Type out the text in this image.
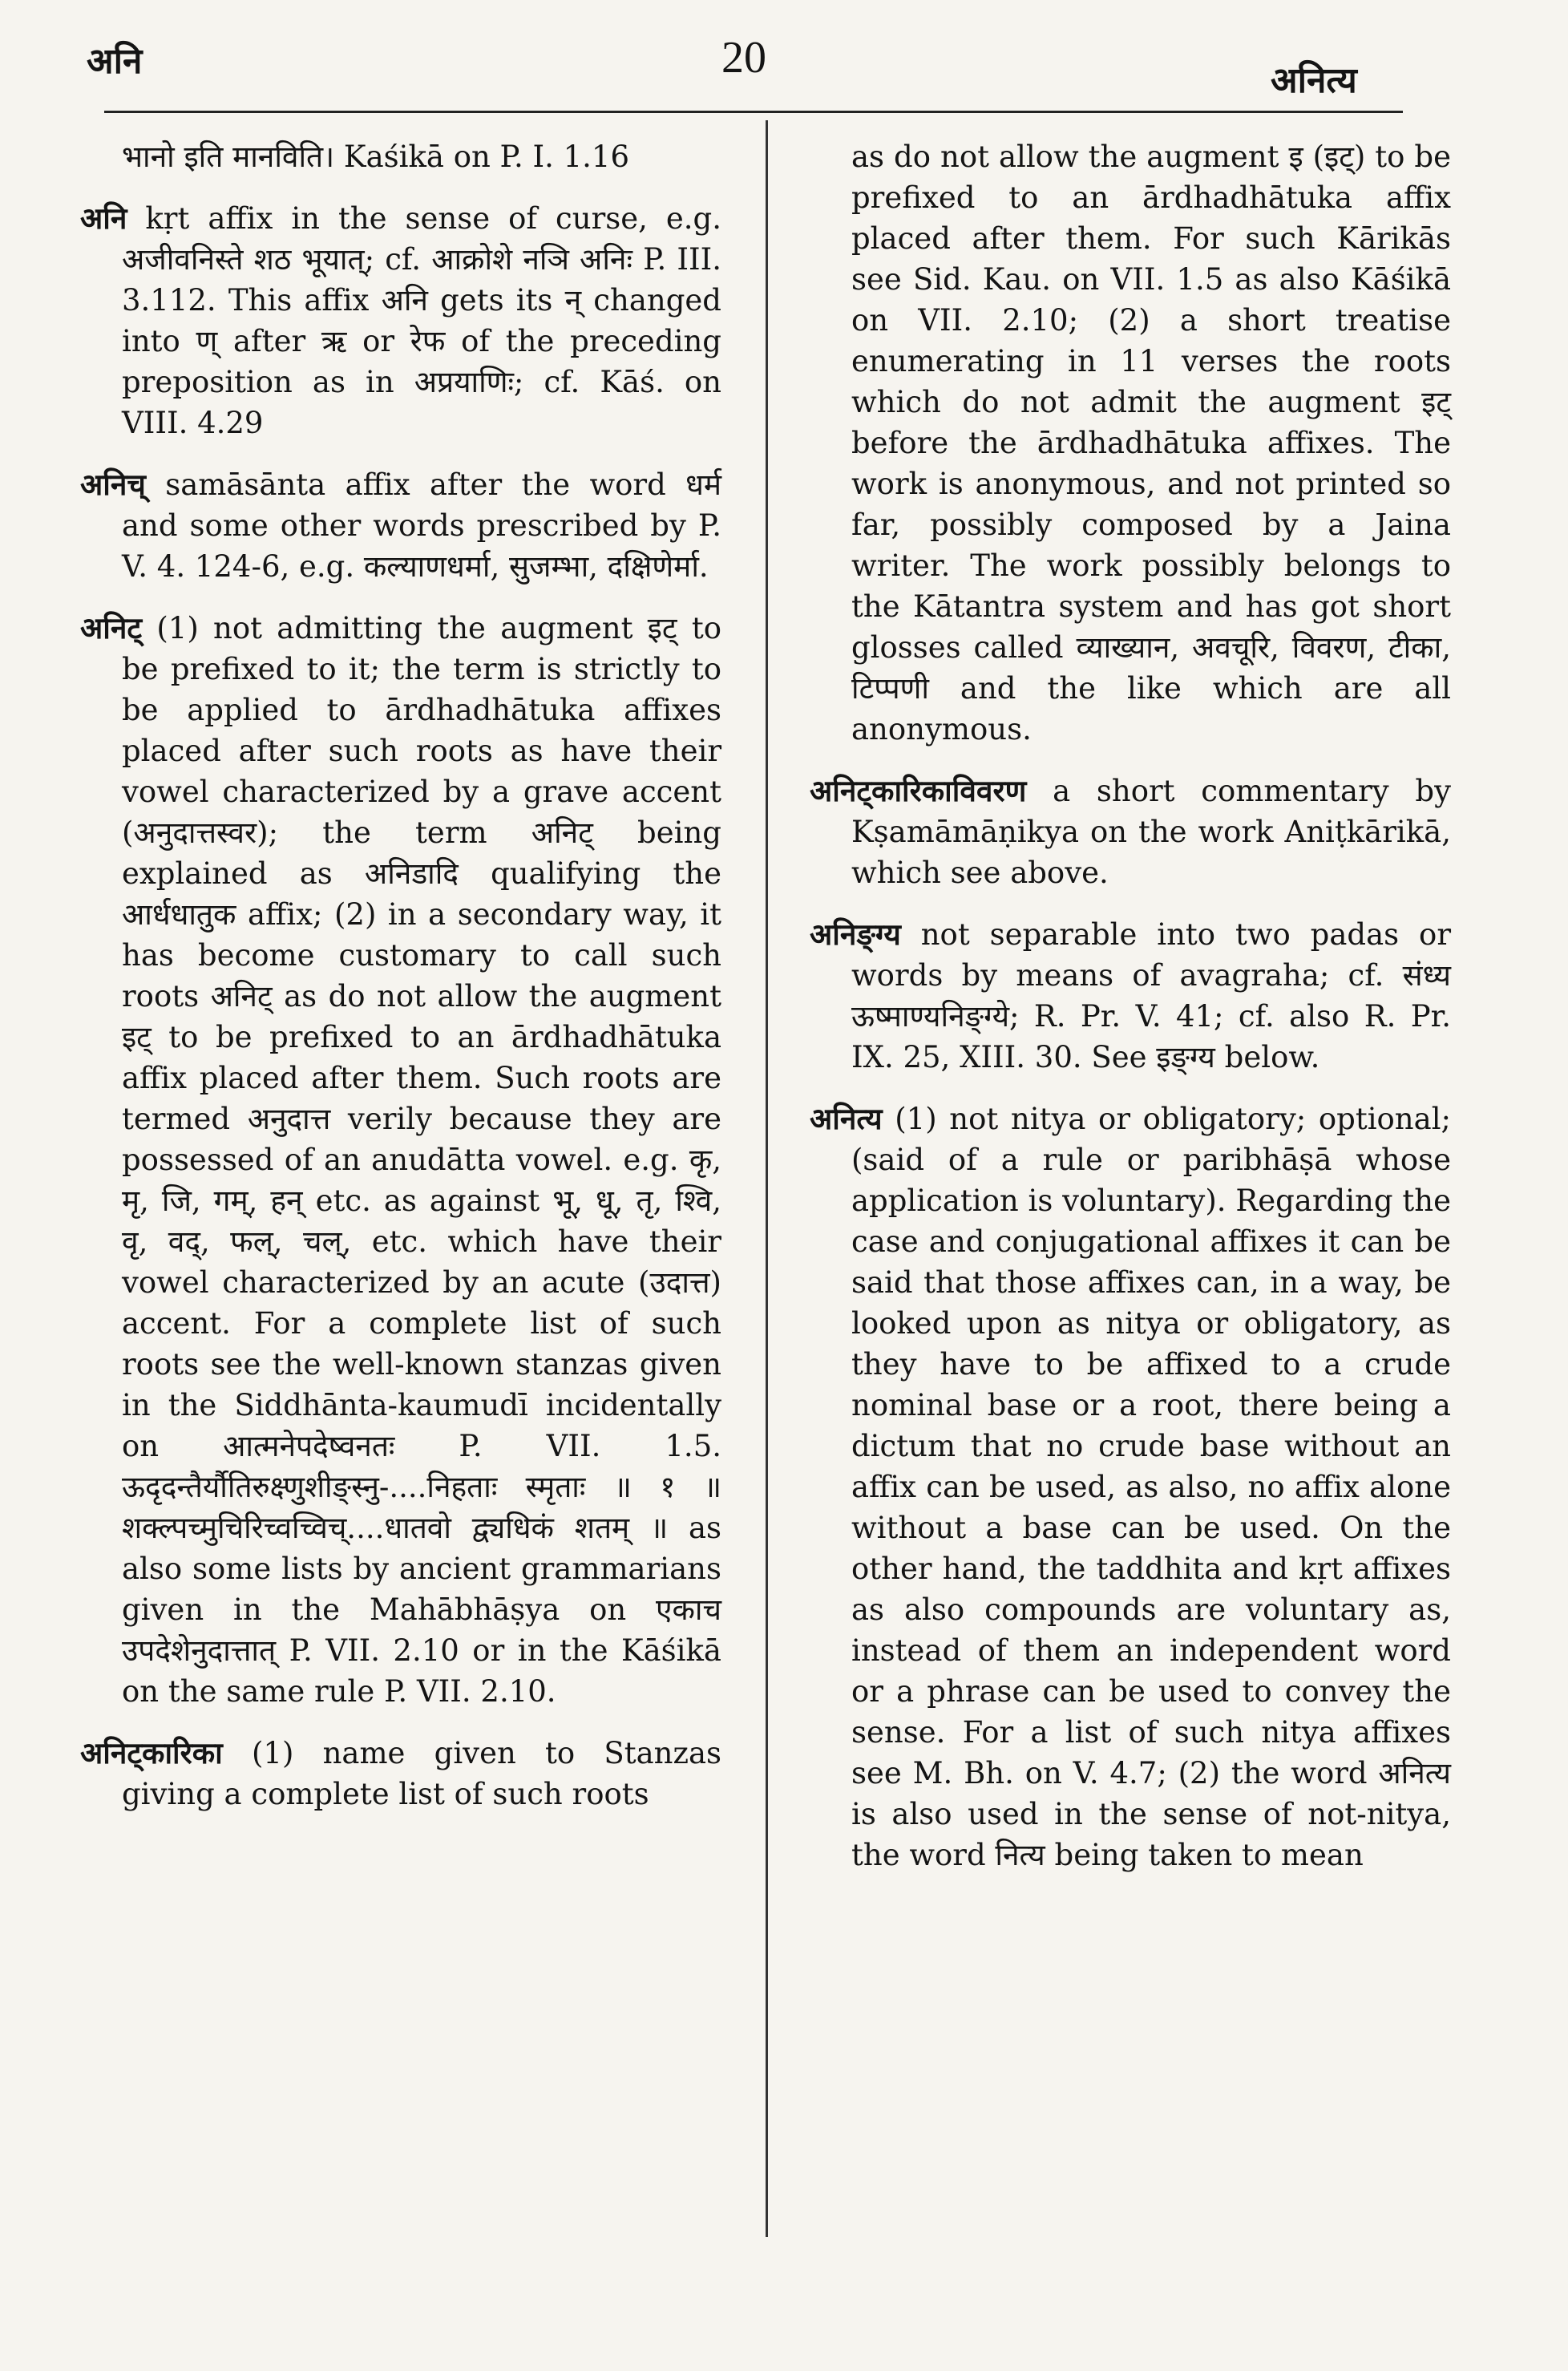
अनि	20	अनित्य

भानो इति मानविति। Kaśikā on P. I. 1.16

अनि kṛt affix in the sense of curse, e.g. अजीवनिस्ते शठ भूयात्; cf. आक्रोशे नञि अनिः P. III. 3.112. This affix अनि gets its न् changed into ण् after ऋ or रेफ of the preceding preposition as in अप्रयाणिः; cf. Kāś. on VIII. 4.29

अनिच् samāsānta affix after the word धर्म and some other words prescribed by P. V. 4. 124-6, e.g. कल्याणधर्मा, सुजम्भा, दक्षिणेर्मा.

अनिट् (1) not admitting the augment इट् to be prefixed to it; the term is strictly to be applied to ārdhadhātuka affixes placed after such roots as have their vowel characterized by a grave accent (अनुदात्तस्वर); the term अनिट् being explained as अनिडादि qualifying the आर्धधातुक affix; (2) in a secondary way, it has become customary to call such roots अनिट् as do not allow the augment इट् to be prefixed to an ārdhadhātuka affix placed after them. Such roots are termed अनुदात्त verily because they are possessed of an anudātta vowel. e.g. कृ, मृ, जि, गम्, हन् etc. as against भू, धू, तृ, श्वि, वृ, वद्, फल्, चल्, etc. which have their vowel characterized by an acute (उदात्त) accent. For a complete list of such roots see the well-known stanzas given in the Siddhānta-kaumudī incidentally on आत्मनेपदेष्वनतः P. VII. 1.5. ऊदृदन्तैर्यौतिरुक्ष्णुशीङ्स्नु-....निहताः स्मृताः ॥ १ ॥ शक्ल्पच्मुचिरिच्वच्विच्....धातवो द्व्यधिकं शतम् ॥ as also some lists by ancient grammarians given in the Mahābhāṣya on एकाच उपदेशेनुदात्तात् P. VII. 2.10 or in the Kāśikā on the same rule P. VII. 2.10.

अनिट्कारिका (1) name given to Stanzas giving a complete list of such roots

as do not allow the augment इ (इट्) to be prefixed to an ārdhadhātuka affix placed after them. For such Kārikās see Sid. Kau. on VII. 1.5 as also Kāśikā on VII. 2.10; (2) a short treatise enumerating in 11 verses the roots which do not admit the augment इट् before the ārdhadhātuka affixes. The work is anonymous, and not printed so far, possibly composed by a Jaina writer. The work possibly belongs to the Kātantra system and has got short glosses called व्याख्यान, अवचूरि, विवरण, टीका, टिप्पणी and the like which are all anonymous.

अनिट्कारिकाविवरण a short commentary by Kṣamāmāṇikya on the work Aniṭkārikā, which see above.

अनिङ्ग्य not separable into two padas or words by means of avagraha; cf. संध्य ऊष्माण्यनिङ्ग्ये; R. Pr. V. 41; cf. also R. Pr. IX. 25, XIII. 30. See इङ्ग्य below.

अनित्य (1) not nitya or obligatory; optional; (said of a rule or paribhāṣā whose application is voluntary). Regarding the case and conjugational affixes it can be said that those affixes can, in a way, be looked upon as nitya or obligatory, as they have to be affixed to a crude nominal base or a root, there being a dictum that no crude base without an affix can be used, as also, no affix alone without a base can be used. On the other hand, the taddhita and kṛt affixes as also compounds are voluntary as, instead of them an independent word or a phrase can be used to convey the sense. For a list of such nitya affixes see M. Bh. on V. 4.7; (2) the word अनित्य is also used in the sense of not-nitya, the word नित्य being taken to mean
